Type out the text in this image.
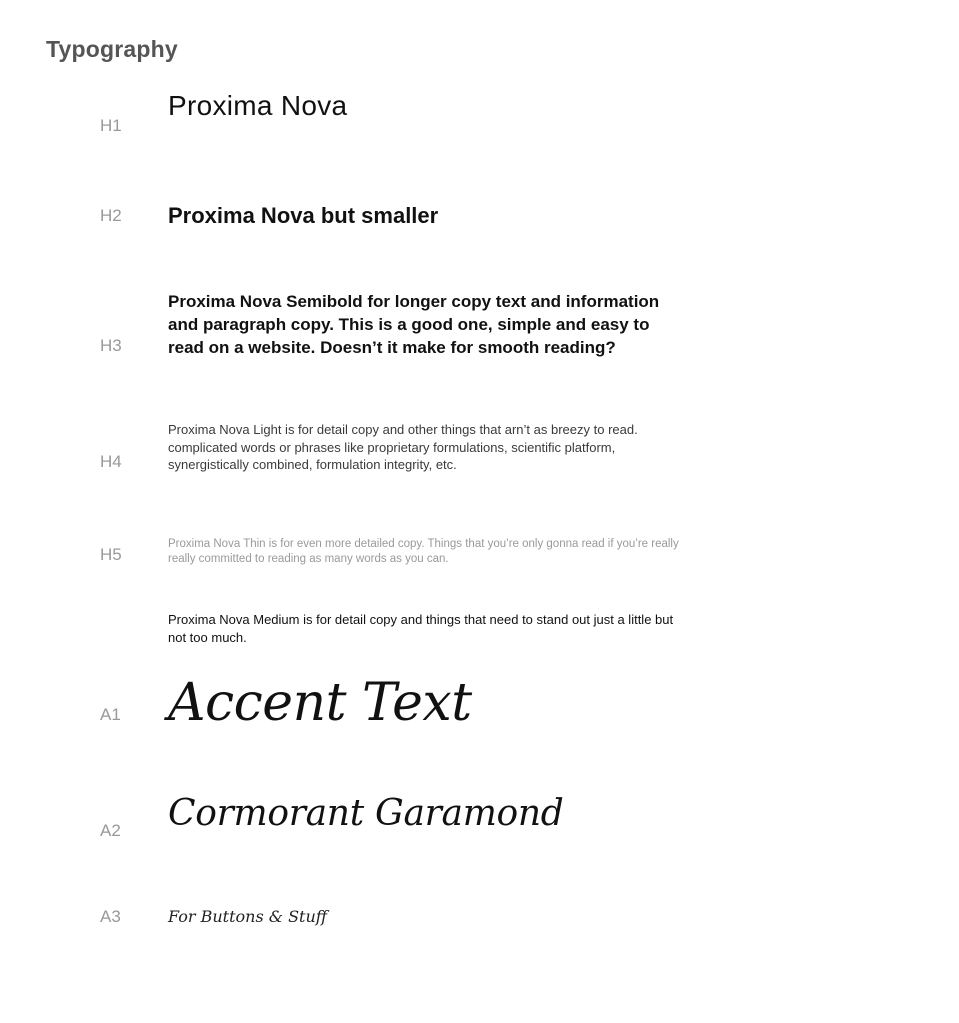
Typography
H1
Proxima Nova
H2 Proxima Nova but smaller
H3
Proxima Nova Semibold for longer copy text and information and paragraph copy. This is a good one, simple and easy to read on a website. Doesn’t it make for smooth reading?
H4
Proxima Nova Light is for detail copy and other things that arn’t as breezy to read. complicated words or phrases like proprietary formulations, scientific platform, synergistically combined, formulation integrity, etc.
H5
Proxima Nova Thin is for even more detailed copy. Things that you’re only gonna read if you’re really really committed to reading as many words as you can.
Proxima Nova Medium is for detail copy and things that need to stand out just a little but not too much.
A1 Accent Text
A2 Cormorant Garamond
A3	For Buttons & Stuff
